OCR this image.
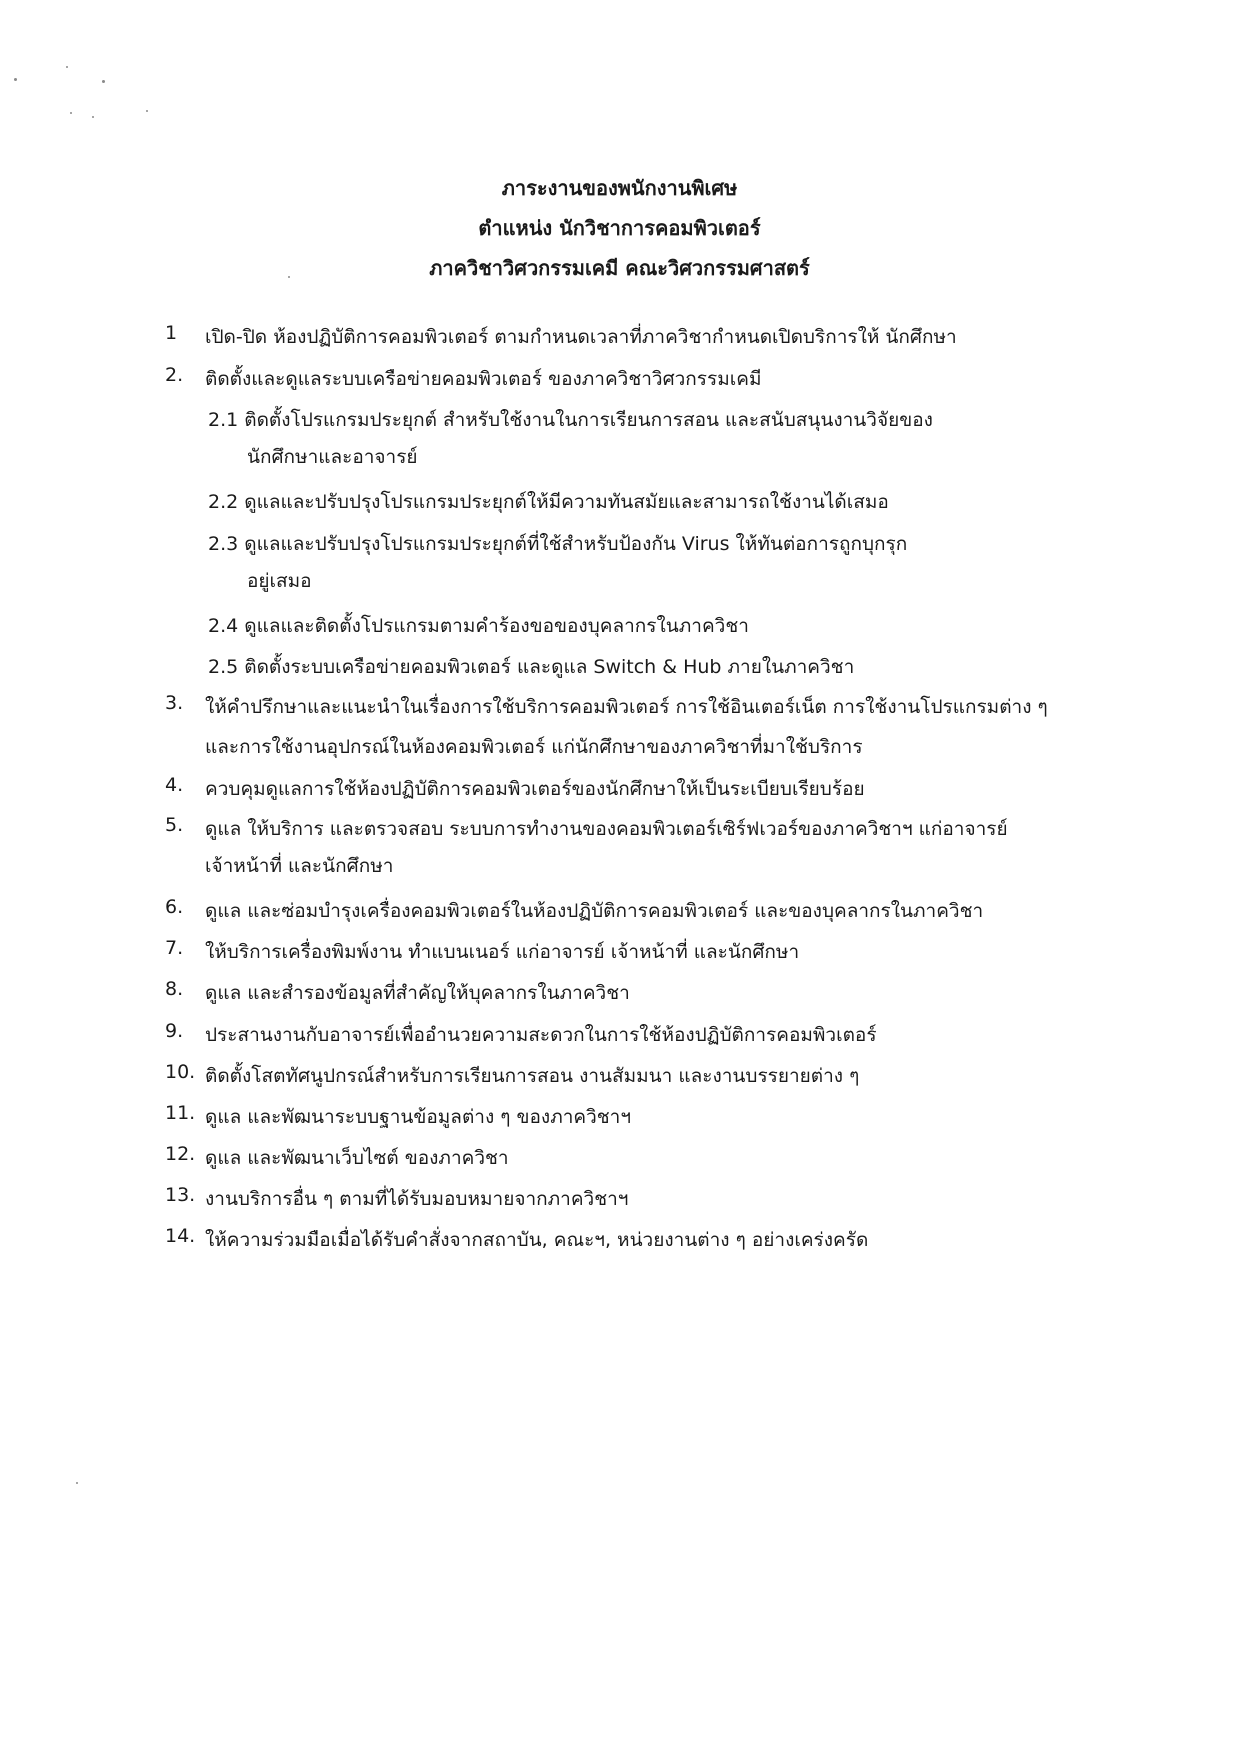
ภาระงานของพนักงานพิเศษ
ตำแหน่ง นักวิชาการคอมพิวเตอร์
ภาควิชาวิศวกรรมเคมี คณะวิศวกรรมศาสตร์
1	เปิด-ปิด ห้องปฏิบัติการคอมพิวเตอร์ ตามกำหนดเวลาที่ภาควิชากำหนดเปิดบริการให้ นักศึกษา
2.	ติดตั้งและดูแลระบบเครือข่ายคอมพิวเตอร์ ของภาควิชาวิศวกรรมเคมี
2.1 ติดตั้งโปรแกรมประยุกต์ สำหรับใช้งานในการเรียนการสอน และสนับสนุนงานวิจัยของ
นักศึกษาและอาจารย์
2.2 ดูแลและปรับปรุงโปรแกรมประยุกต์ให้มีความทันสมัยและสามารถใช้งานได้เสมอ
2.3 ดูแลและปรับปรุงโปรแกรมประยุกต์ที่ใช้สำหรับป้องกัน Virus ให้ทันต่อการถูกบุกรุก
อยู่เสมอ
2.4 ดูแลและติดตั้งโปรแกรมตามคำร้องขอของบุคลากรในภาควิชา
2.5 ติดตั้งระบบเครือข่ายคอมพิวเตอร์ และดูแล Switch & Hub ภายในภาควิชา
3.	ให้คำปรึกษาและแนะนำในเรื่องการใช้บริการคอมพิวเตอร์ การใช้อินเตอร์เน็ต การใช้งานโปรแกรมต่าง ๆ
และการใช้งานอุปกรณ์ในห้องคอมพิวเตอร์ แก่นักศึกษาของภาควิชาที่มาใช้บริการ
4.	ควบคุมดูแลการใช้ห้องปฏิบัติการคอมพิวเตอร์ของนักศึกษาให้เป็นระเบียบเรียบร้อย
5.	ดูแล ให้บริการ และตรวจสอบ ระบบการทำงานของคอมพิวเตอร์เซิร์ฟเวอร์ของภาควิชาฯ แก่อาจารย์
เจ้าหน้าที่ และนักศึกษา
6.	ดูแล และซ่อมบำรุงเครื่องคอมพิวเตอร์ในห้องปฏิบัติการคอมพิวเตอร์ และของบุคลากรในภาควิชา
7.	ให้บริการเครื่องพิมพ์งาน ทำแบนเนอร์ แก่อาจารย์ เจ้าหน้าที่ และนักศึกษา
8.	ดูแล และสำรองข้อมูลที่สำคัญให้บุคลากรในภาควิชา
9.	ประสานงานกับอาจารย์เพื่ออำนวยความสะดวกในการใช้ห้องปฏิบัติการคอมพิวเตอร์
10. ติดตั้งโสตทัศนูปกรณ์สำหรับการเรียนการสอน งานสัมมนา และงานบรรยายต่าง ๆ
11. ดูแล และพัฒนาระบบฐานข้อมูลต่าง ๆ ของภาควิชาฯ
12. ดูแล และพัฒนาเว็บไซต์ ของภาควิชา
13. งานบริการอื่น ๆ ตามที่ได้รับมอบหมายจากภาควิชาฯ
14. ให้ความร่วมมือเมื่อได้รับคำสั่งจากสถาบัน, คณะฯ, หน่วยงานต่าง ๆ อย่างเคร่งครัด
